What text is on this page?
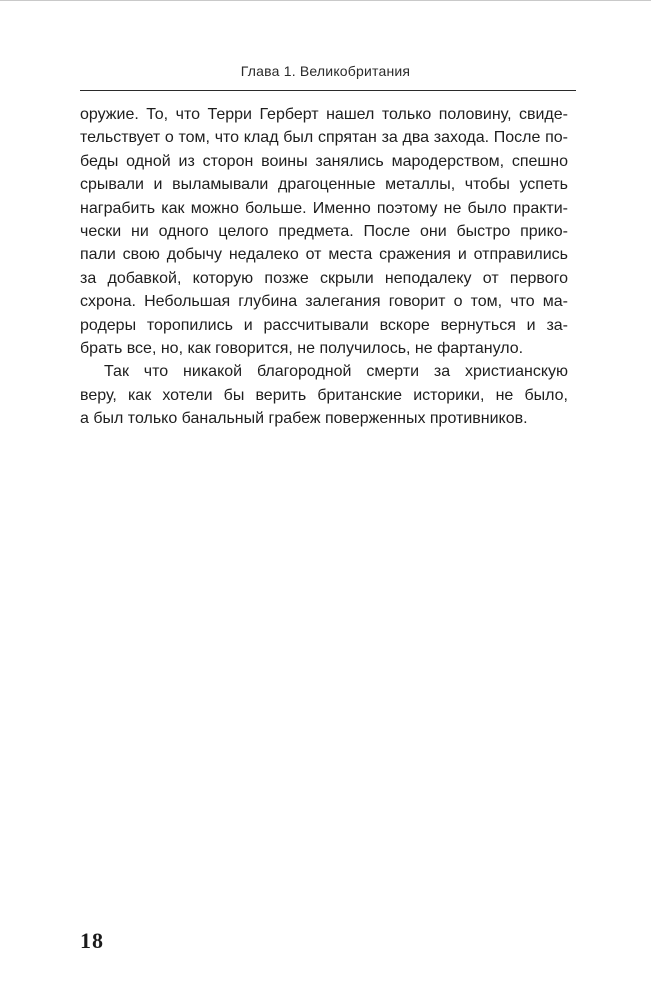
Глава 1. Великобритания
оружие. То, что Терри Герберт нашел только половину, свиде-
тельствует о том, что клад был спрятан за два захода. После по-
беды одной из сторон воины занялись мародерством, спешно
срывали и выламывали драгоценные металлы, чтобы успеть
награбить как можно больше. Именно поэтому не было практи-
чески ни одного целого предмета. После они быстро прико-
пали свою добычу недалеко от места сражения и отправились
за добавкой, которую позже скрыли неподалеку от первого
схрона. Небольшая глубина залегания говорит о том, что ма-
родеры торопились и рассчитывали вскоре вернуться и за-
брать все, но, как говорится, не получилось, не фартануло.
Так что никакой благородной смерти за христианскую
веру, как хотели бы верить британские историки, не было,
а был только банальный грабеж поверженных противников.
18
